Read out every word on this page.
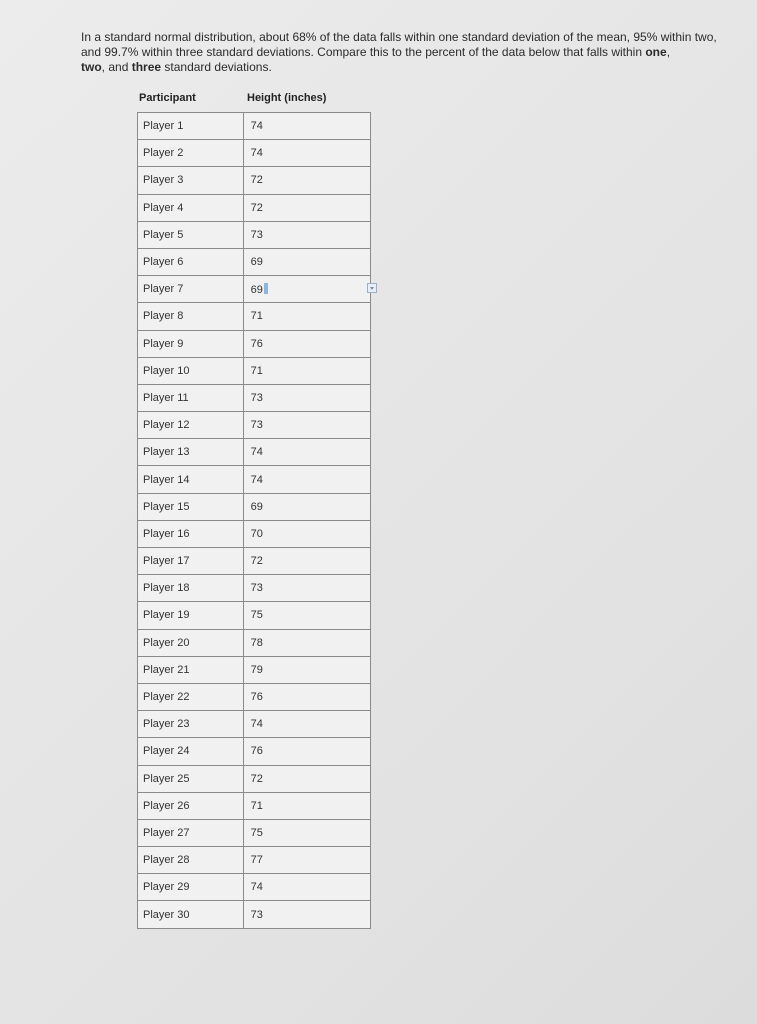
In a standard normal distribution, about 68% of the data falls within one standard deviation of the mean, 95% within two, and 99.7% within three standard deviations. Compare this to the percent of the data below that falls within one,
two, and three standard deviations.

Participant	Height (inches)
Player 1	74
Player 2	74
Player 3	72
Player 4	72
Player 5	73
Player 6	69
Player 7	69

Player 8	71
Player 9	76
Player 10	71
Player 11	73
Player 12	73
Player 13	74
Player 14	74
Player 15	69
Player 16	70
Player 17	72
Player 18	73
Player 19	75
Player 20	78
Player 21	79
Player 22	76
Player 23	74
Player 24	76
Player 25	72
Player 26	71
Player 27	75
Player 28	77
Player 29	74
Player 30	73
